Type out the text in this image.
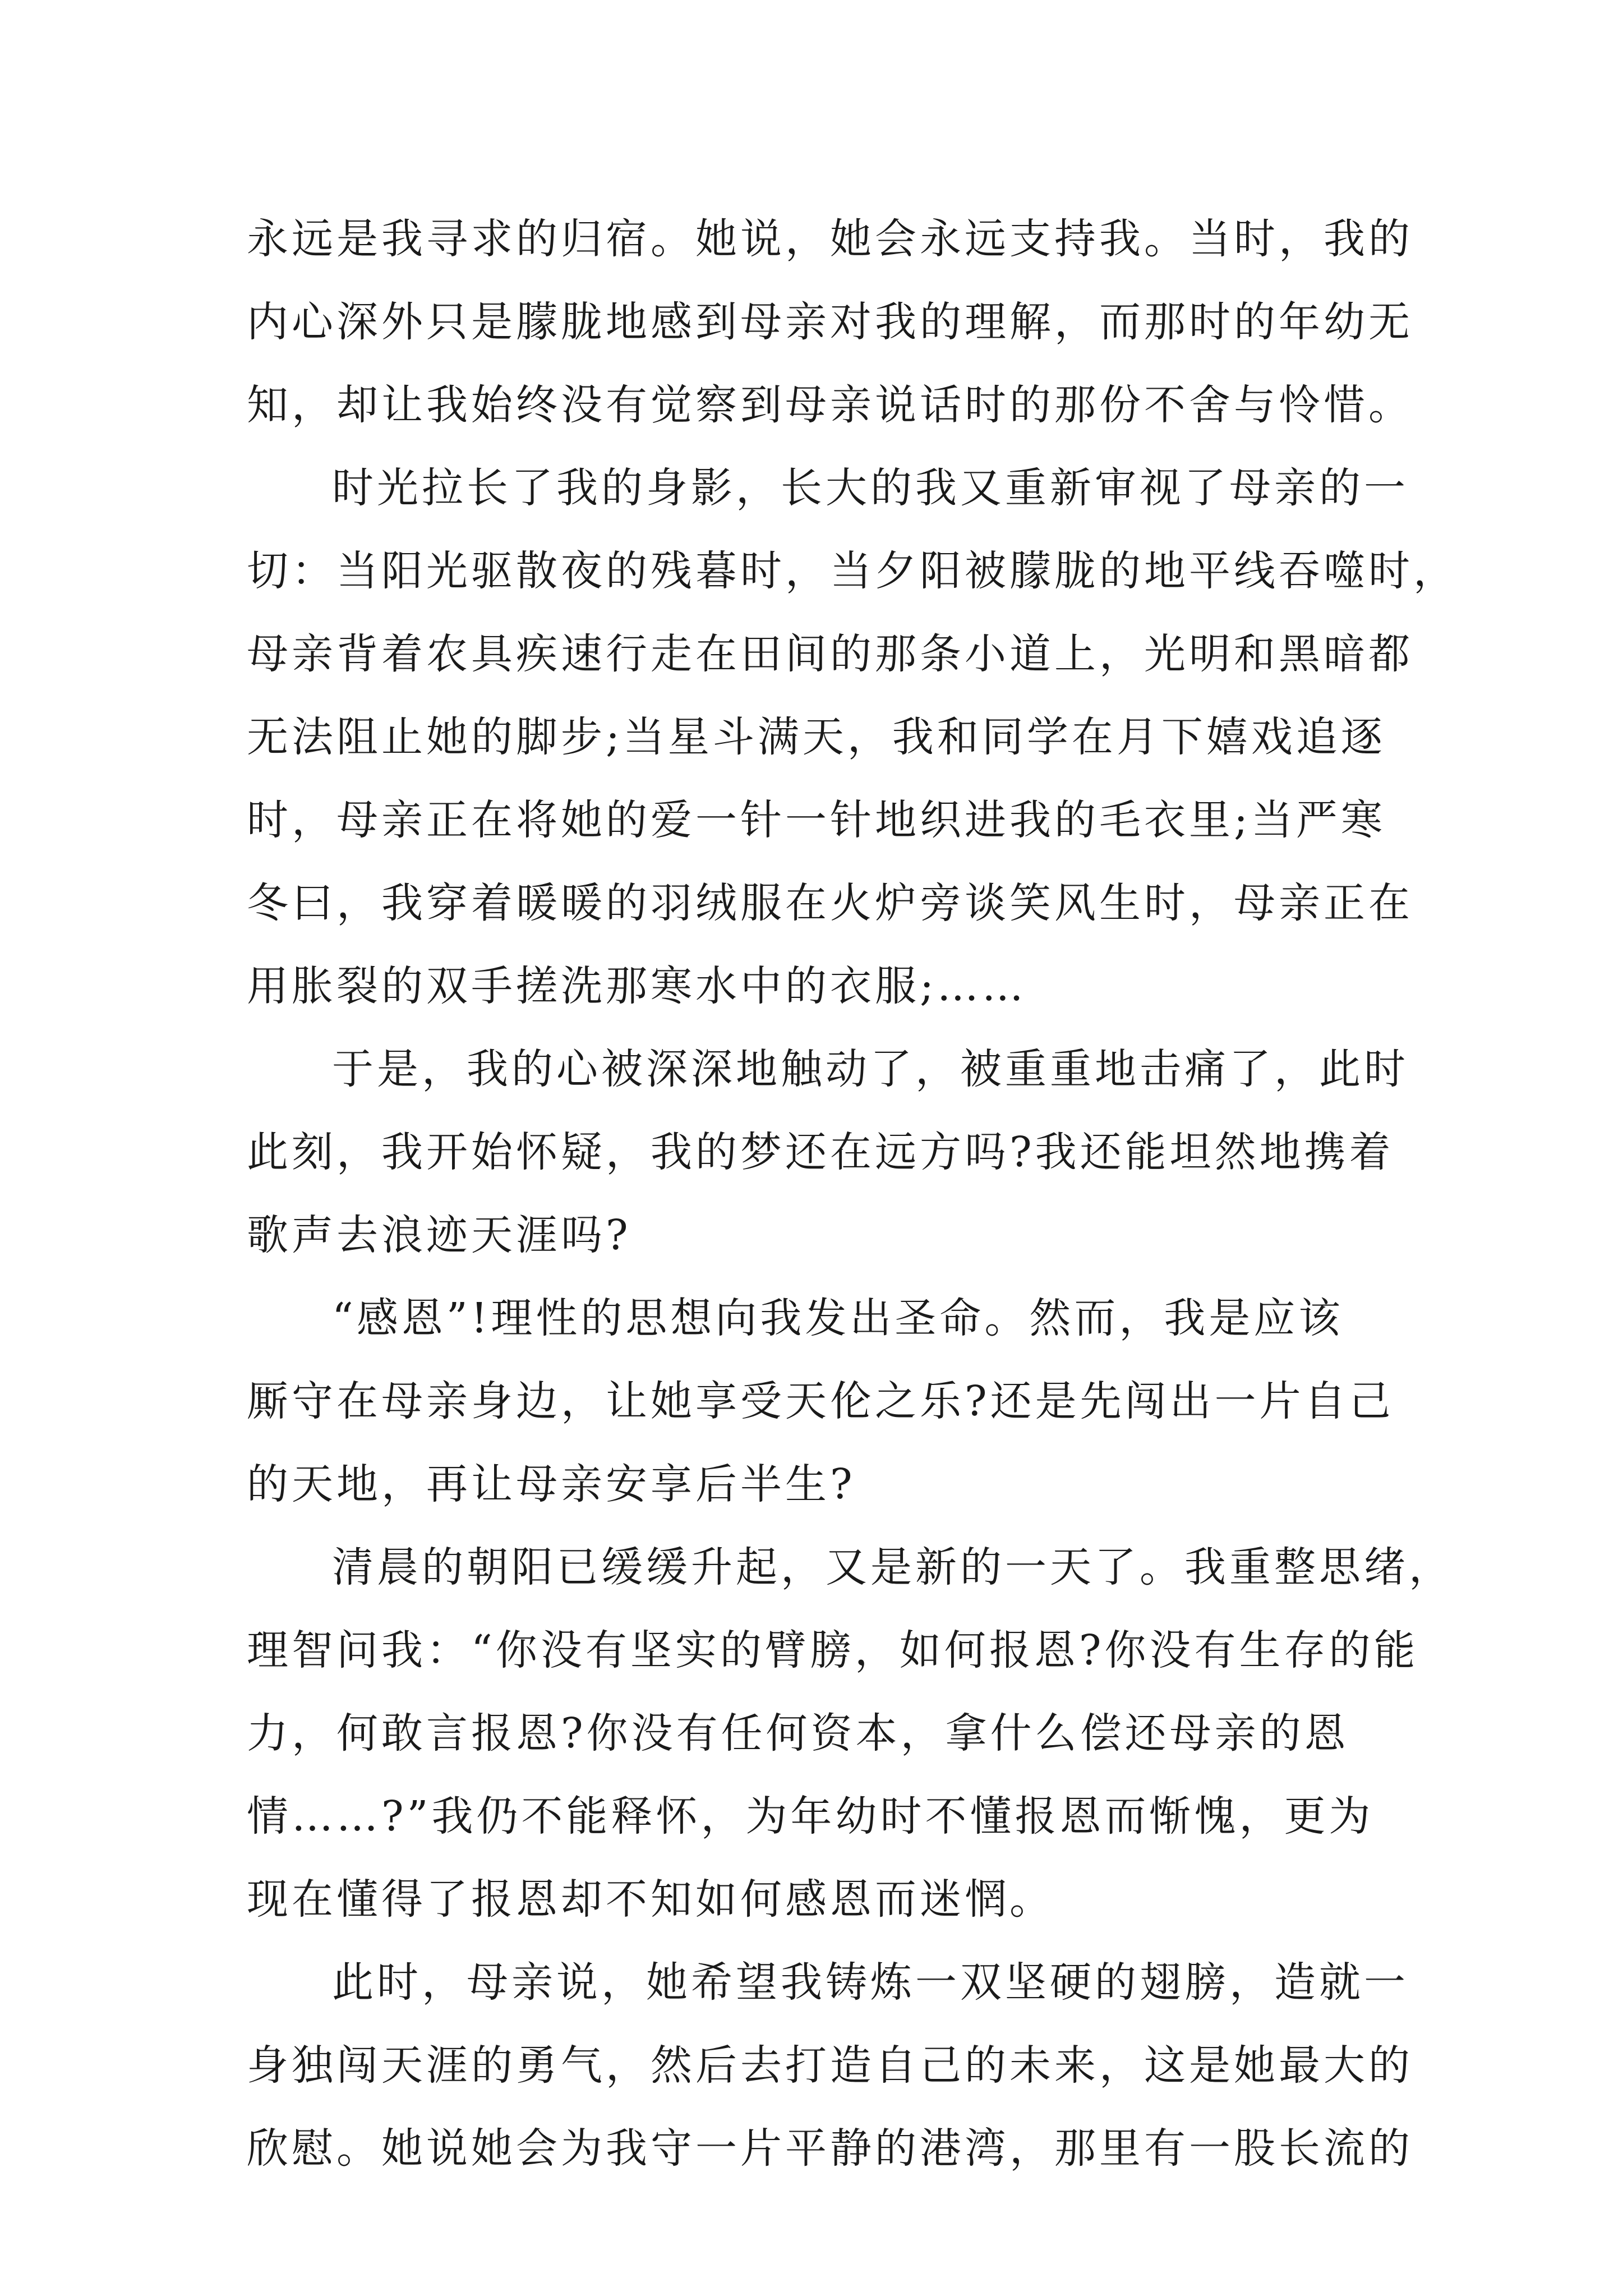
永远是我寻求的归宿。她说，她会永远支持我。当时，我的
内心深外只是朦胧地感到母亲对我的理解，而那时的年幼无
知，却让我始终没有觉察到母亲说话时的那份不舍与怜惜。
时光拉长了我的身影，长大的我又重新审视了母亲的一
切：当阳光驱散夜的残暮时，当夕阳被朦胧的地平线吞噬时，
母亲背着农具疾速行走在田间的那条小道上，光明和黑暗都
无法阻止她的脚步;当星斗满天，我和同学在月下嬉戏追逐
时，母亲正在将她的爱一针一针地织进我的毛衣里;当严寒
冬曰，我穿着暖暖的羽绒服在火炉旁谈笑风生时，母亲正在
用胀裂的双手搓洗那寒水中的衣服;……
于是，我的心被深深地触动了，被重重地击痛了，此时
此刻，我开始怀疑，我的梦还在远方吗?我还能坦然地携着
歌声去浪迹天涯吗?
“感恩”!理性的思想向我发出圣命。然而，我是应该
厮守在母亲身边，让她享受天伦之乐?还是先闯出一片自己
的天地，再让母亲安享后半生?
清晨的朝阳已缓缓升起，又是新的一天了。我重整思绪，
理智问我：“你没有坚实的臂膀，如何报恩?你没有生存的能
力，何敢言报恩?你没有任何资本，拿什么偿还母亲的恩
情……?”我仍不能释怀，为年幼时不懂报恩而惭愧，更为
现在懂得了报恩却不知如何感恩而迷惘。
此时，母亲说，她希望我铸炼一双坚硬的翅膀，造就一
身独闯天涯的勇气，然后去打造自己的未来，这是她最大的
欣慰。她说她会为我守一片平静的港湾，那里有一股长流的
